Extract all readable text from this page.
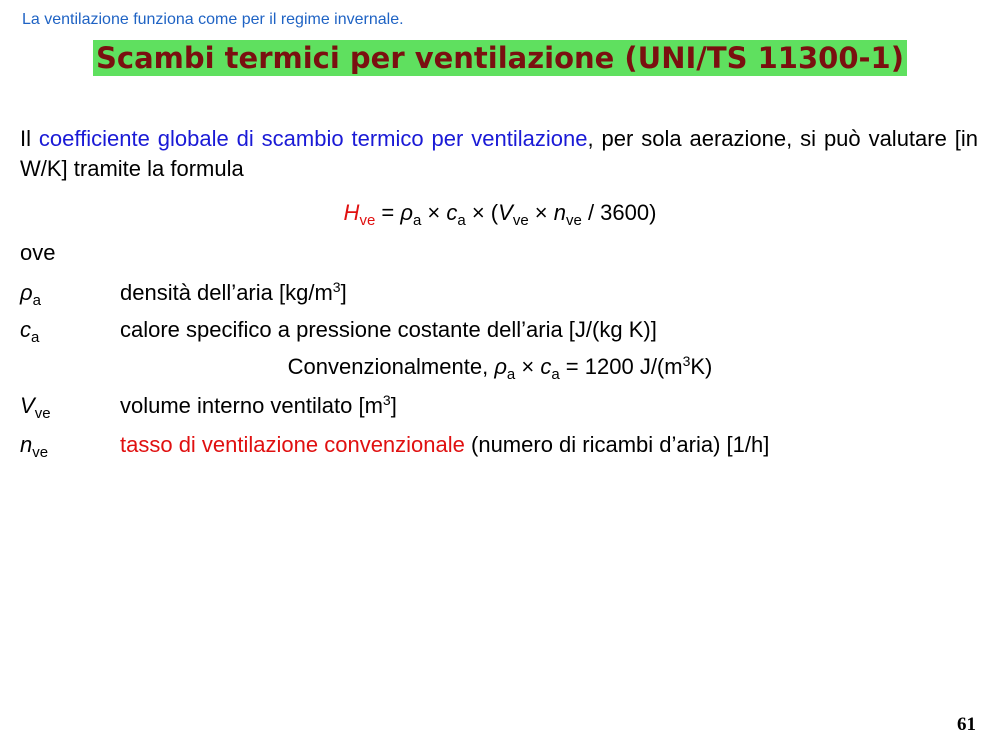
La ventilazione funziona come per il regime invernale.
Scambi termici per ventilazione (UNI/TS 11300-1)
Il coefficiente globale di scambio termico per ventilazione, per sola aerazione, si può valutare [in W/K] tramite la formula
$H_{ve} = \rho_a \times c_a \times (V_{ve} \times n_{ve} / 3600)$
ove
$\rho_a$	densità dell’aria $[kg/m^3]$
$c_a$	calore specifico a pressione costante dell’aria [J/(kg K)]
Convenzionalmente, $\rho_a \times c_a = 1200$ $J/(m^3K)$
$V_{ve}$	volume interno ventilato $[m^3]$
$n_{ve}$	tasso di ventilazione convenzionale (numero di ricambi d’aria) [1/h]
61
